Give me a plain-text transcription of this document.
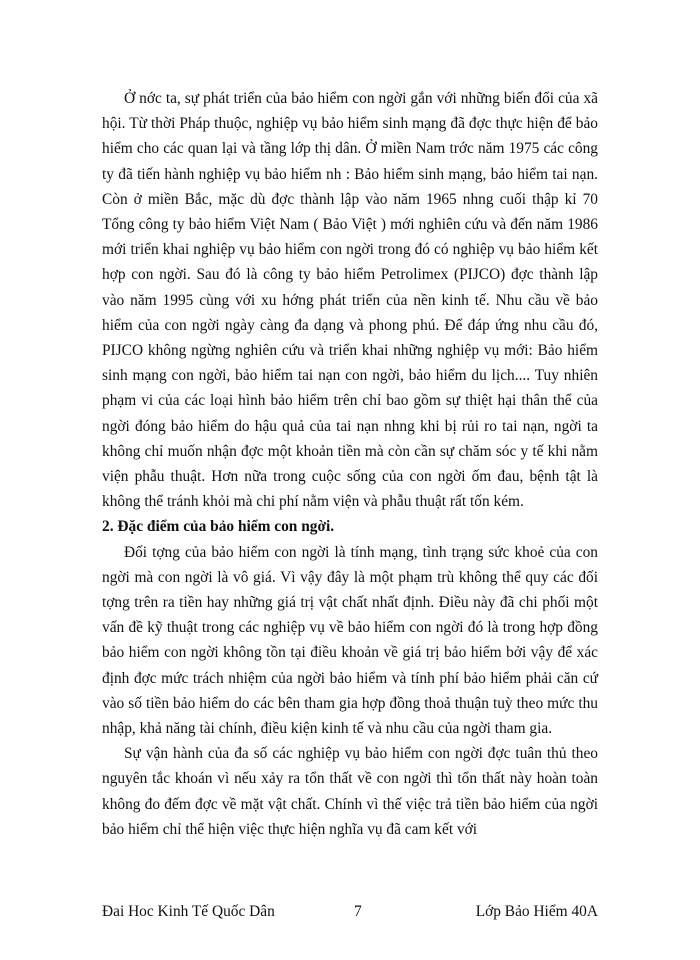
Ở nớc ta, sự phát triển của bảo hiểm con ngời gắn với những biến đổi của xã hội. Từ thời Pháp thuộc, nghiệp vụ bảo hiểm sinh mạng đã đợc thực hiện để bảo hiểm cho các quan lại và tầng lớp thị dân. Ở miền Nam trớc năm 1975 các công ty đã tiến hành nghiệp vụ bảo hiểm nh : Bảo hiểm sinh mạng, bảo hiểm tai nạn. Còn ở miền Bắc, mặc dù đợc thành lập vào năm 1965 nhng cuối thập kỉ 70 Tổng công ty bảo hiểm Việt Nam ( Bảo Việt ) mới nghiên cứu và đến năm 1986 mới triển khai nghiệp vụ bảo hiểm con ngời trong đó có nghiệp vụ bảo hiểm kết hợp con ngời. Sau đó là công ty bảo hiểm Petrolimex (PIJCO) đợc thành lập vào năm 1995 cùng với xu hớng phát triển của nền kinh tế. Nhu cầu về bảo hiểm của con ngời ngày càng đa dạng và phong phú. Để đáp ứng nhu cầu đó, PIJCO không ngừng nghiên cứu và triển khai những nghiệp vụ mới: Bảo hiểm sinh mạng con ngời, bảo hiểm tai nạn con ngời, bảo hiểm du lịch.... Tuy nhiên phạm vi của các loại hình bảo hiểm trên chỉ bao gồm sự thiệt hại thân thể của ngời đóng bảo hiểm do hậu quả của tai nạn nhng khi bị rủi ro tai nạn, ngời ta không chỉ muốn nhận đợc một khoản tiền mà còn cần sự chăm sóc y tế khi nằm viện phẫu thuật. Hơn nữa trong cuộc sống của con ngời ốm đau, bệnh tật là không thể tránh khỏi mà chi phí nằm viện và phẫu thuật rất tốn kém.

2. Đặc điểm của bảo hiểm con ngời.

Đối tợng của bảo hiểm con ngời là tính mạng, tình trạng sức khoẻ của con ngời mà con ngời là vô giá. Vì vậy đây là một phạm trù không thể quy các đối tợng trên ra tiền hay những giá trị vật chất nhất định. Điều này đã chi phối một vấn đề kỹ thuật trong các nghiệp vụ về bảo hiểm con ngời đó là trong hợp đồng bảo hiểm con ngời không tồn tại điều khoản về giá trị bảo hiểm bởi vậy để xác định đợc mức trách nhiệm của ngời bảo hiểm và tính phí bảo hiểm phải căn cứ vào số tiền bảo hiểm do các bên tham gia hợp đồng thoả thuận tuỳ theo mức thu nhập, khả năng tài chính, điều kiện kinh tế và nhu cầu của ngời tham gia.

Sự vận hành của đa số các nghiệp vụ bảo hiểm con ngời đợc tuân thủ theo nguyên tắc khoán vì nếu xảy ra tổn thất về con ngời thì tổn thất này hoàn toàn không đo đếm đợc về mặt vật chất. Chính vì thế việc trả tiền bảo hiểm của ngời bảo hiểm chỉ thể hiện việc thực hiện nghĩa vụ đã cam kết với

Đai Hoc Kinh Tế Quốc Dân	7	Lớp Bảo Hiểm 40A
